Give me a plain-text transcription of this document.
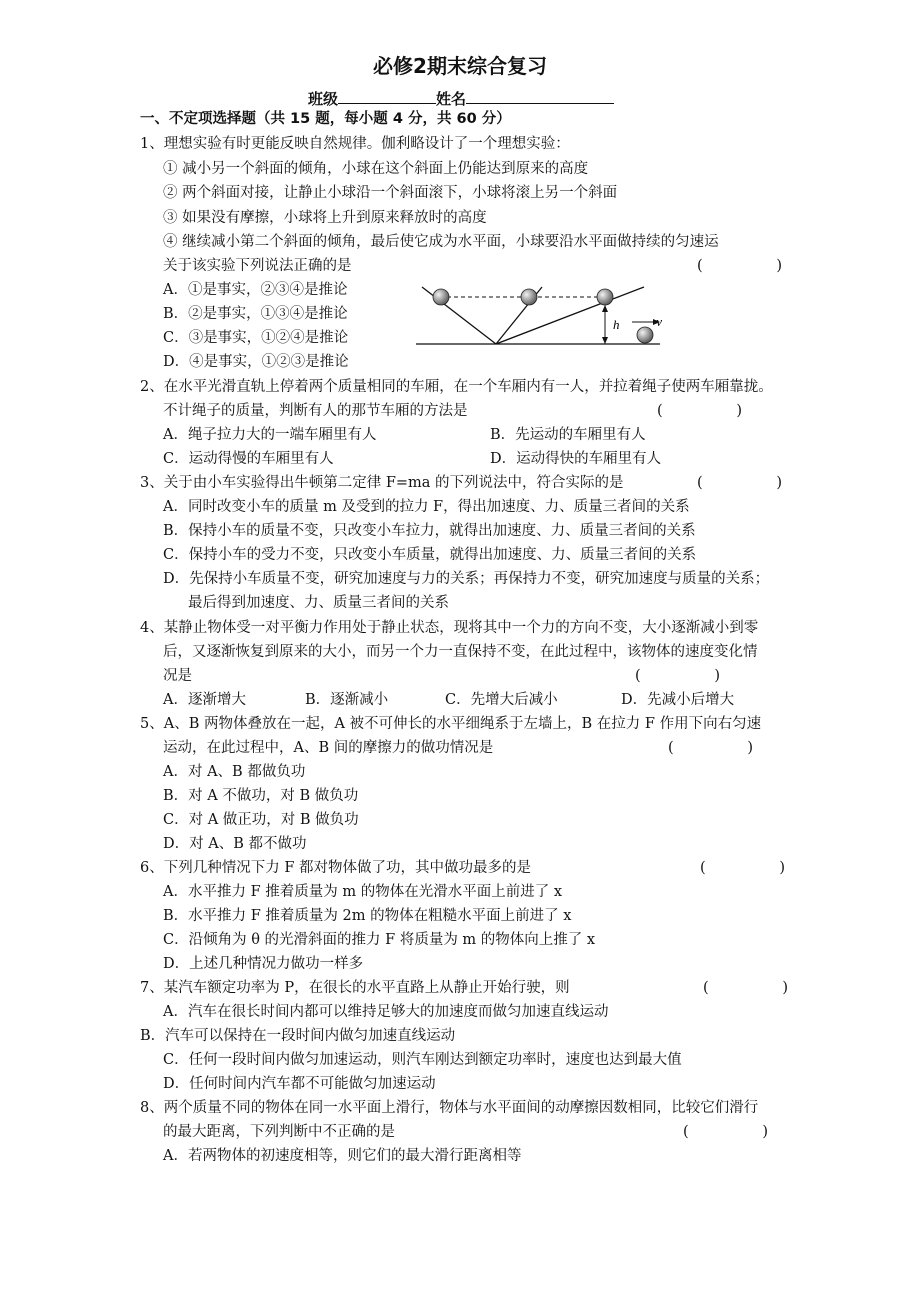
必修2期末综合复习
班级	姓名
一、不定项选择题（共 15 题，每小题 4 分，共 60 分）
1、理想实验有时更能反映自然规律。伽利略设计了一个理想实验：
① 减小另一个斜面的倾角，小球在这个斜面上仍能达到原来的高度
② 两个斜面对接，让静止小球沿一个斜面滚下，小球将滚上另一个斜面
③ 如果没有摩擦，小球将上升到原来释放时的高度
④ 继续减小第二个斜面的倾角，最后使它成为水平面，小球要沿水平面做持续的匀速运
关于该实验下列说法正确的是	(                )
A．①是事实，②③④是推论
B．②是事实，①③④是推论
C．③是事实，①②④是推论
D．④是事实，①②③是推论
h	v
2、在水平光滑直轨上停着两个质量相同的车厢，在一个车厢内有一人，并拉着绳子使两车厢靠拢。
不计绳子的质量，判断有人的那节车厢的方法是	(                )
A．绳子拉力大的一端车厢里有人	B．先运动的车厢里有人
C．运动得慢的车厢里有人	D．运动得快的车厢里有人
3、关于由小车实验得出牛顿第二定律 F=ma 的下列说法中，符合实际的是	(                )
A．同时改变小车的质量 m 及受到的拉力 F，得出加速度、力、质量三者间的关系
B．保持小车的质量不变，只改变小车拉力，就得出加速度、力、质量三者间的关系
C．保持小车的受力不变，只改变小车质量，就得出加速度、力、质量三者间的关系
D．先保持小车质量不变，研究加速度与力的关系；再保持力不变，研究加速度与质量的关系；
最后得到加速度、力、质量三者间的关系
4、某静止物体受一对平衡力作用处于静止状态，现将其中一个力的方向不变，大小逐渐减小到零
后，又逐渐恢复到原来的大小，而另一个力一直保持不变，在此过程中，该物体的速度变化情
况是	(                )
A．逐渐增大	B．逐渐减小	C．先增大后减小	D．先减小后增大
5、A、B 两物体叠放在一起，A 被不可伸长的水平细绳系于左墙上，B 在拉力 F 作用下向右匀速
运动，在此过程中，A、B 间的摩擦力的做功情况是	(                )
A．对 A、B 都做负功
B．对 A 不做功，对 B 做负功
C．对 A 做正功，对 B 做负功
D．对 A、B 都不做功
6、下列几种情况下力 F 都对物体做了功，其中做功最多的是	(                )
A．水平推力 F 推着质量为 m 的物体在光滑水平面上前进了 x
B．水平推力 F 推着质量为 2m 的物体在粗糙水平面上前进了 x
C．沿倾角为 θ 的光滑斜面的推力 F 将质量为 m 的物体向上推了 x
D．上述几种情况力做功一样多
7、某汽车额定功率为 P，在很长的水平直路上从静止开始行驶，则	(                )
A．汽车在很长时间内都可以维持足够大的加速度而做匀加速直线运动
B．汽车可以保持在一段时间内做匀加速直线运动
C．任何一段时间内做匀加速运动，则汽车刚达到额定功率时，速度也达到最大值
D．任何时间内汽车都不可能做匀加速运动
8、两个质量不同的物体在同一水平面上滑行，物体与水平面间的动摩擦因数相同，比较它们滑行
的最大距离，下列判断中不正确的是	(                )
A．若两物体的初速度相等，则它们的最大滑行距离相等
